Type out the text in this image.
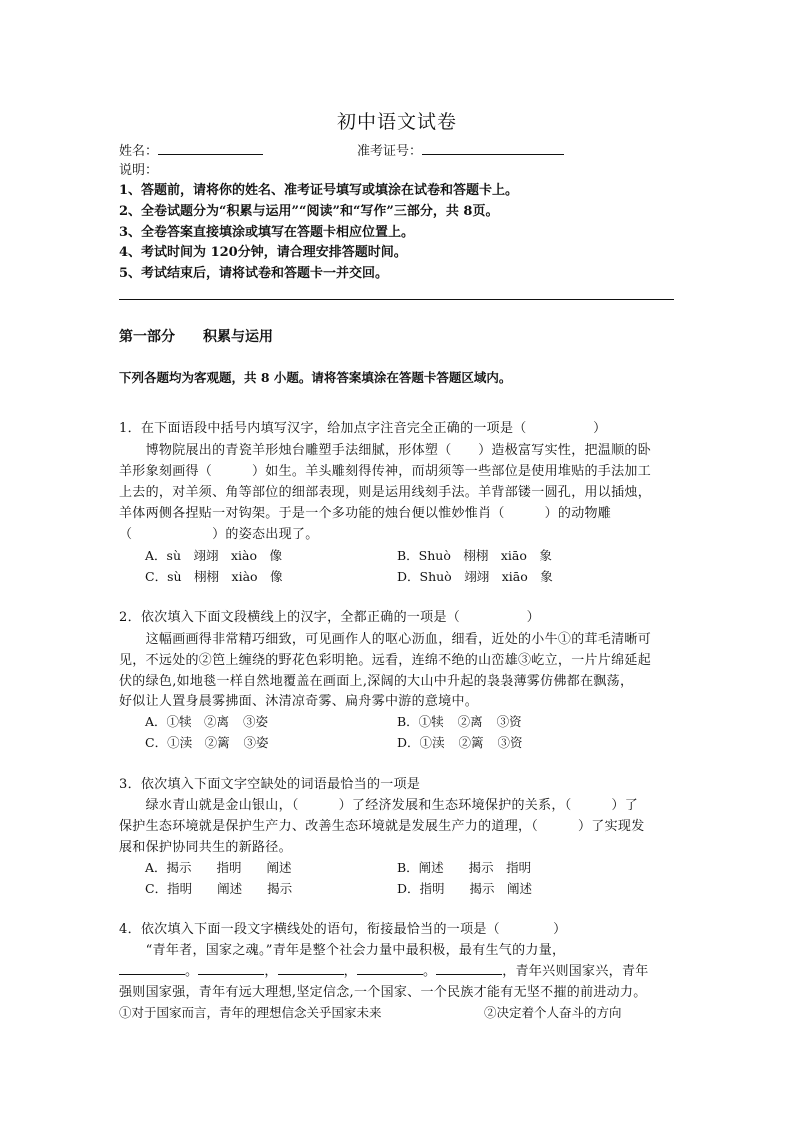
初中语文试卷
姓名：	准考证号：
说明：
1、答题前，请将你的姓名、准考证号填写或填涂在试卷和答题卡上。
2、全卷试题分为“积累与运用”“阅读”和“写作”三部分，共 8页。
3、全卷答案直接填涂或填写在答题卡相应位置上。
4、考试时间为 120分钟，请合理安排答题时间。
5、考试结束后，请将试卷和答题卡一并交回。
第一部分　　积累与运用
下列各题均为客观题，共 8 小题。请将答案填涂在答题卡答题区域内。
1．在下面语段中括号内填写汉字，给加点字注音完全正确的一项是（　　　　　）
　　博物院展出的青瓷羊形烛台雕塑手法细腻，形体塑（　　）造极富写实性，把温顺的卧
羊形象刻画得（　　　）如生。羊头雕刻得传神，而胡须等一些部位是使用堆贴的手法加工
上去的，对羊须、角等部位的细部表现，则是运用线刻手法。羊背部镂一圆孔，用以插烛，
羊体两侧各捏贴一对钩架。于是一个多功能的烛台便以惟妙惟肖（　　　）的动物雕
（　　　　　　）的姿态出现了。
A．sù　翊翊　xiào　像	B．Shuò　栩栩　xiāo　象
C．sù　栩栩　xiào　像	D．Shuò　翊翊　xiāo　象
2．依次填入下面文段横线上的汉字，全都正确的一项是（　　　　　）
　　这幅画画得非常精巧细致，可见画作人的呕心沥血，细看，近处的小牛①的茸毛清晰可
见，不远处的②笆上缠绕的野花色彩明艳。远看，连绵不绝的山峦雄③屹立，一片片绵延起
伏的绿色,如地毯一样自然地覆盖在画面上,深阔的大山中升起的袅袅薄雾仿佛都在飘荡，
好似让人置身晨雾拂面、沐清凉奇雾、扁舟雾中游的意境中。
A．①犊　②离 ③姿	B．①犊 ②离 ③资
C．①渎　②篱 ③姿	D．①渎 ②篱 ③资
3．依次填入下面文字空缺处的词语最恰当的一项是
　　绿水青山就是金山银山，（　　　）了经济发展和生态环境保护的关系，（　　　）了
保护生态环境就是保护生产力、改善生态环境就是发展生产力的道理，（　　　）了实现发
展和保护协同共生的新路径。
A．揭示　　指明　　阐述	B．阐述　　揭示　指明
C．指明　　阐述　　揭示	D．指明　　揭示　阐述
4．依次填入下面一段文字横线处的语句，衔接最恰当的一项是（　　　　）
　　“青年者，国家之魂。”青年是整个社会力量中最积极，最有生气的力量，
。	，	，	。	，青年兴则国家兴，青年
强则国家强，青年有远大理想,坚定信念,一个国家、一个民族才能有无坚不摧的前进动力。
①对于国家而言，青年的理想信念关乎国家未来	②决定着个人奋斗的方向
